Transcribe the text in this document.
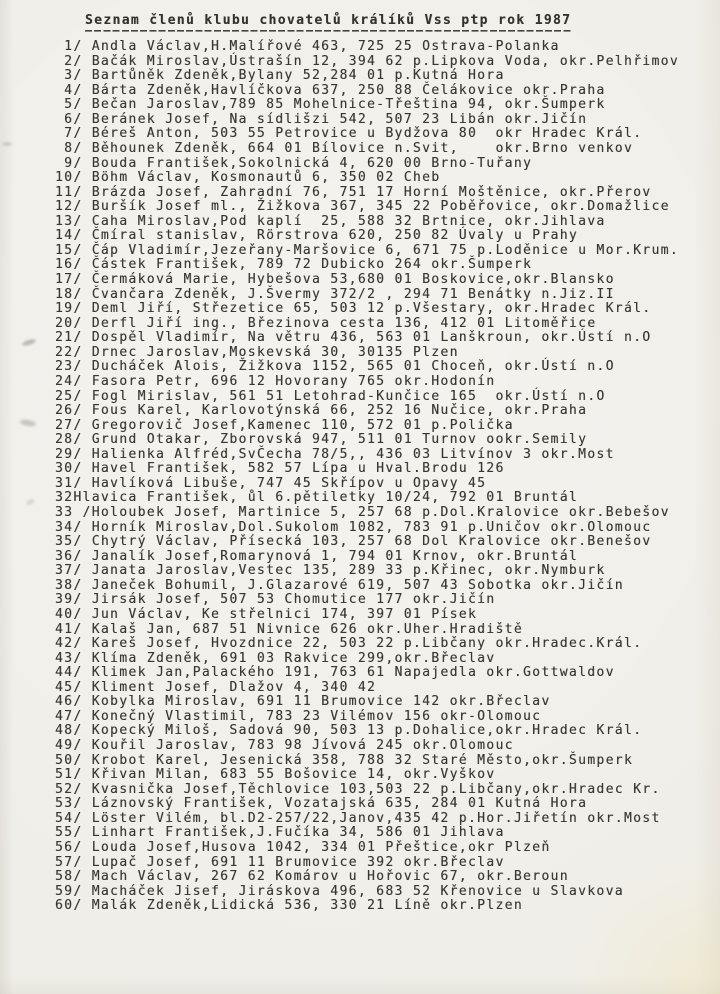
Seznam členů klubu chovatelů králíků Vss ptp rok 1987
1/ Andla Václav,H.Malířové 463, 725 25 Ostrava-Polanka
2/ Bačák Miroslav,Ústrašín 12, 394 62 p.Lipkova Voda, okr.Pelhřimov
3/ Bartůněk Zdeněk,Bylany 52,284 01 p.Kutná Hora
4/ Bárta Zdeněk,Havlíčkova 637, 250 88 Čelákovice okr.Praha
5/ Bečan Jaroslav,789 85 Mohelnice-Třeština 94, okr.Šumperk
6/ Beránek Josef, Na sídlišzi 542, 507 23 Libán okr.Jičín
7/ Béreš Anton, 503 55 Petrovice u Bydžova 80  okr Hradec Král.
8/ Běhounek Zdeněk, 664 01 Bílovice n.Svit,    okr.Brno venkov
9/ Bouda František,Sokolnická 4, 620 00 Brno-Tuřany
10/ Böhm Václav, Kosmonautů 6, 350 02 Cheb
11/ Brázda Josef, Zahradní 76, 751 17 Horní Moštěnice, okr.Přerov
12/ Buršík Josef ml., Žižkova 367, 345 22 Poběřovice, okr.Domažlice
13/ Caha Miroslav,Pod kaplí  25, 588 32 Brtnice, okr.Jihlava
14/ Čmíral stanislav, Rörstrova 620, 250 82 Úvaly u Prahy
15/ Čáp Vladimír,Jezeřany-Maršovice 6, 671 75 p.Loděnice u Mor.Krum.
16/ Částek František, 789 72 Dubicko 264 okr.Šumperk
17/ Čermáková Marie, Hybešova 53,680 01 Boskovice,okr.Blansko
18/ Čvančara Zdeněk, J.Švermy 372/2 , 294 71 Benátky n.Jiz.II
19/ Deml Jiří, Střezetice 65, 503 12 p.Všestary, okr.Hradec Král.
20/ Derfl Jiří ing., Březinova cesta 136, 412 01 Litoměřice
21/ Dospěl Vladimír, Na větru 436, 563 01 Lanškroun, okr.Ústí n.O
22/ Drnec Jaroslav,Moskevská 30, 30135 Plzen
23/ Ducháček Alois, Žižkova 1152, 565 01 Choceň, okr.Ústí n.O
24/ Fasora Petr, 696 12 Hovorany 765 okr.Hodonín
25/ Fogl Mirislav, 561 51 Letohrad-Kunčice 165  okr.Ústí n.O
26/ Fous Karel, Karlovotýnská 66, 252 16 Nučice, okr.Praha
27/ Gregorovič Josef,Kamenec 110, 572 01 p.Polička
28/ Grund Otakar, Zborovská 947, 511 01 Turnov ookr.Semily
29/ Halienka Alfréd,SvČecha 78/5,, 436 03 Litvínov 3 okr.Most
30/ Havel František, 582 57 Lípa u Hval.Brodu 126
31/ Havlíková Libuše, 747 45 Skřípov u Opavy 45
32Hlavica František, ůl 6.pětiletky 10/24, 792 01 Bruntál
33 /Holoubek Josef, Martinice 5, 257 68 p.Dol.Kralovice okr.Bebešov
34/ Horník Miroslav,Dol.Sukolom 1082, 783 91 p.Uničov okr.Olomouc
35/ Chytrý Václav, Přísecká 103, 257 68 Dol Kralovice okr.Benešov
36/ Janalík Josef,Romarynová 1, 794 01 Krnov, okr.Bruntál
37/ Janata Jaroslav,Vestec 135, 289 33 p.Křinec, okr.Nymburk
38/ Janeček Bohumil, J.Glazarové 619, 507 43 Sobotka okr.Jičín
39/ Jirsák Josef, 507 53 Chomutice 177 okr.Jičín
40/ Jun Václav, Ke střelnici 174, 397 01 Písek
41/ Kalaš Jan, 687 51 Nivnice 626 okr.Uher.Hradiště
42/ Kareš Josef, Hvozdnice 22, 503 22 p.Libčany okr.Hradec.Král.
43/ Klíma Zdeněk, 691 03 Rakvice 299,okr.Břeclav
44/ Klimek Jan,Palackého 191, 763 61 Napajedla okr.Gottwaldov
45/ Kliment Josef, Dlažov 4, 340 42
46/ Kobylka Miroslav, 691 11 Brumovice 142 okr.Břeclav
47/ Konečný Vlastimil, 783 23 Vilémov 156 okr-Olomouc
48/ Kopecký Miloš, Sadová 90, 503 13 p.Dohalice,okr.Hradec Král.
49/ Kouřil Jaroslav, 783 98 Jívová 245 okr.Olomouc
50/ Krobot Karel, Jesenická 358, 788 32 Staré Město,okr.Šumperk
51/ Křivan Milan, 683 55 Bošovice 14, okr.Vyškov
52/ Kvasnička Josef,Těchlovice 103,503 22 p.Libčany,okr.Hradec Kr.
53/ Láznovský František, Vozatajská 635, 284 01 Kutná Hora
54/ Löster Vilém, bl.D2-257/22,Janov,435 42 p.Hor.Jiřetín okr.Most
55/ Linhart František,J.Fučíka 34, 586 01 Jihlava
56/ Louda Josef,Husova 1042, 334 01 Přeštice,okr Plzeň
57/ Lupač Josef, 691 11 Brumovice 392 okr.Břeclav
58/ Mach Václav, 267 62 Komárov u Hořovic 67, okr.Beroun
59/ Macháček Jisef, Jiráskova 496, 683 52 Křenovice u Slavkova
60/ Malák Zdeněk,Lidická 536, 330 21 Líně okr.Plzen
